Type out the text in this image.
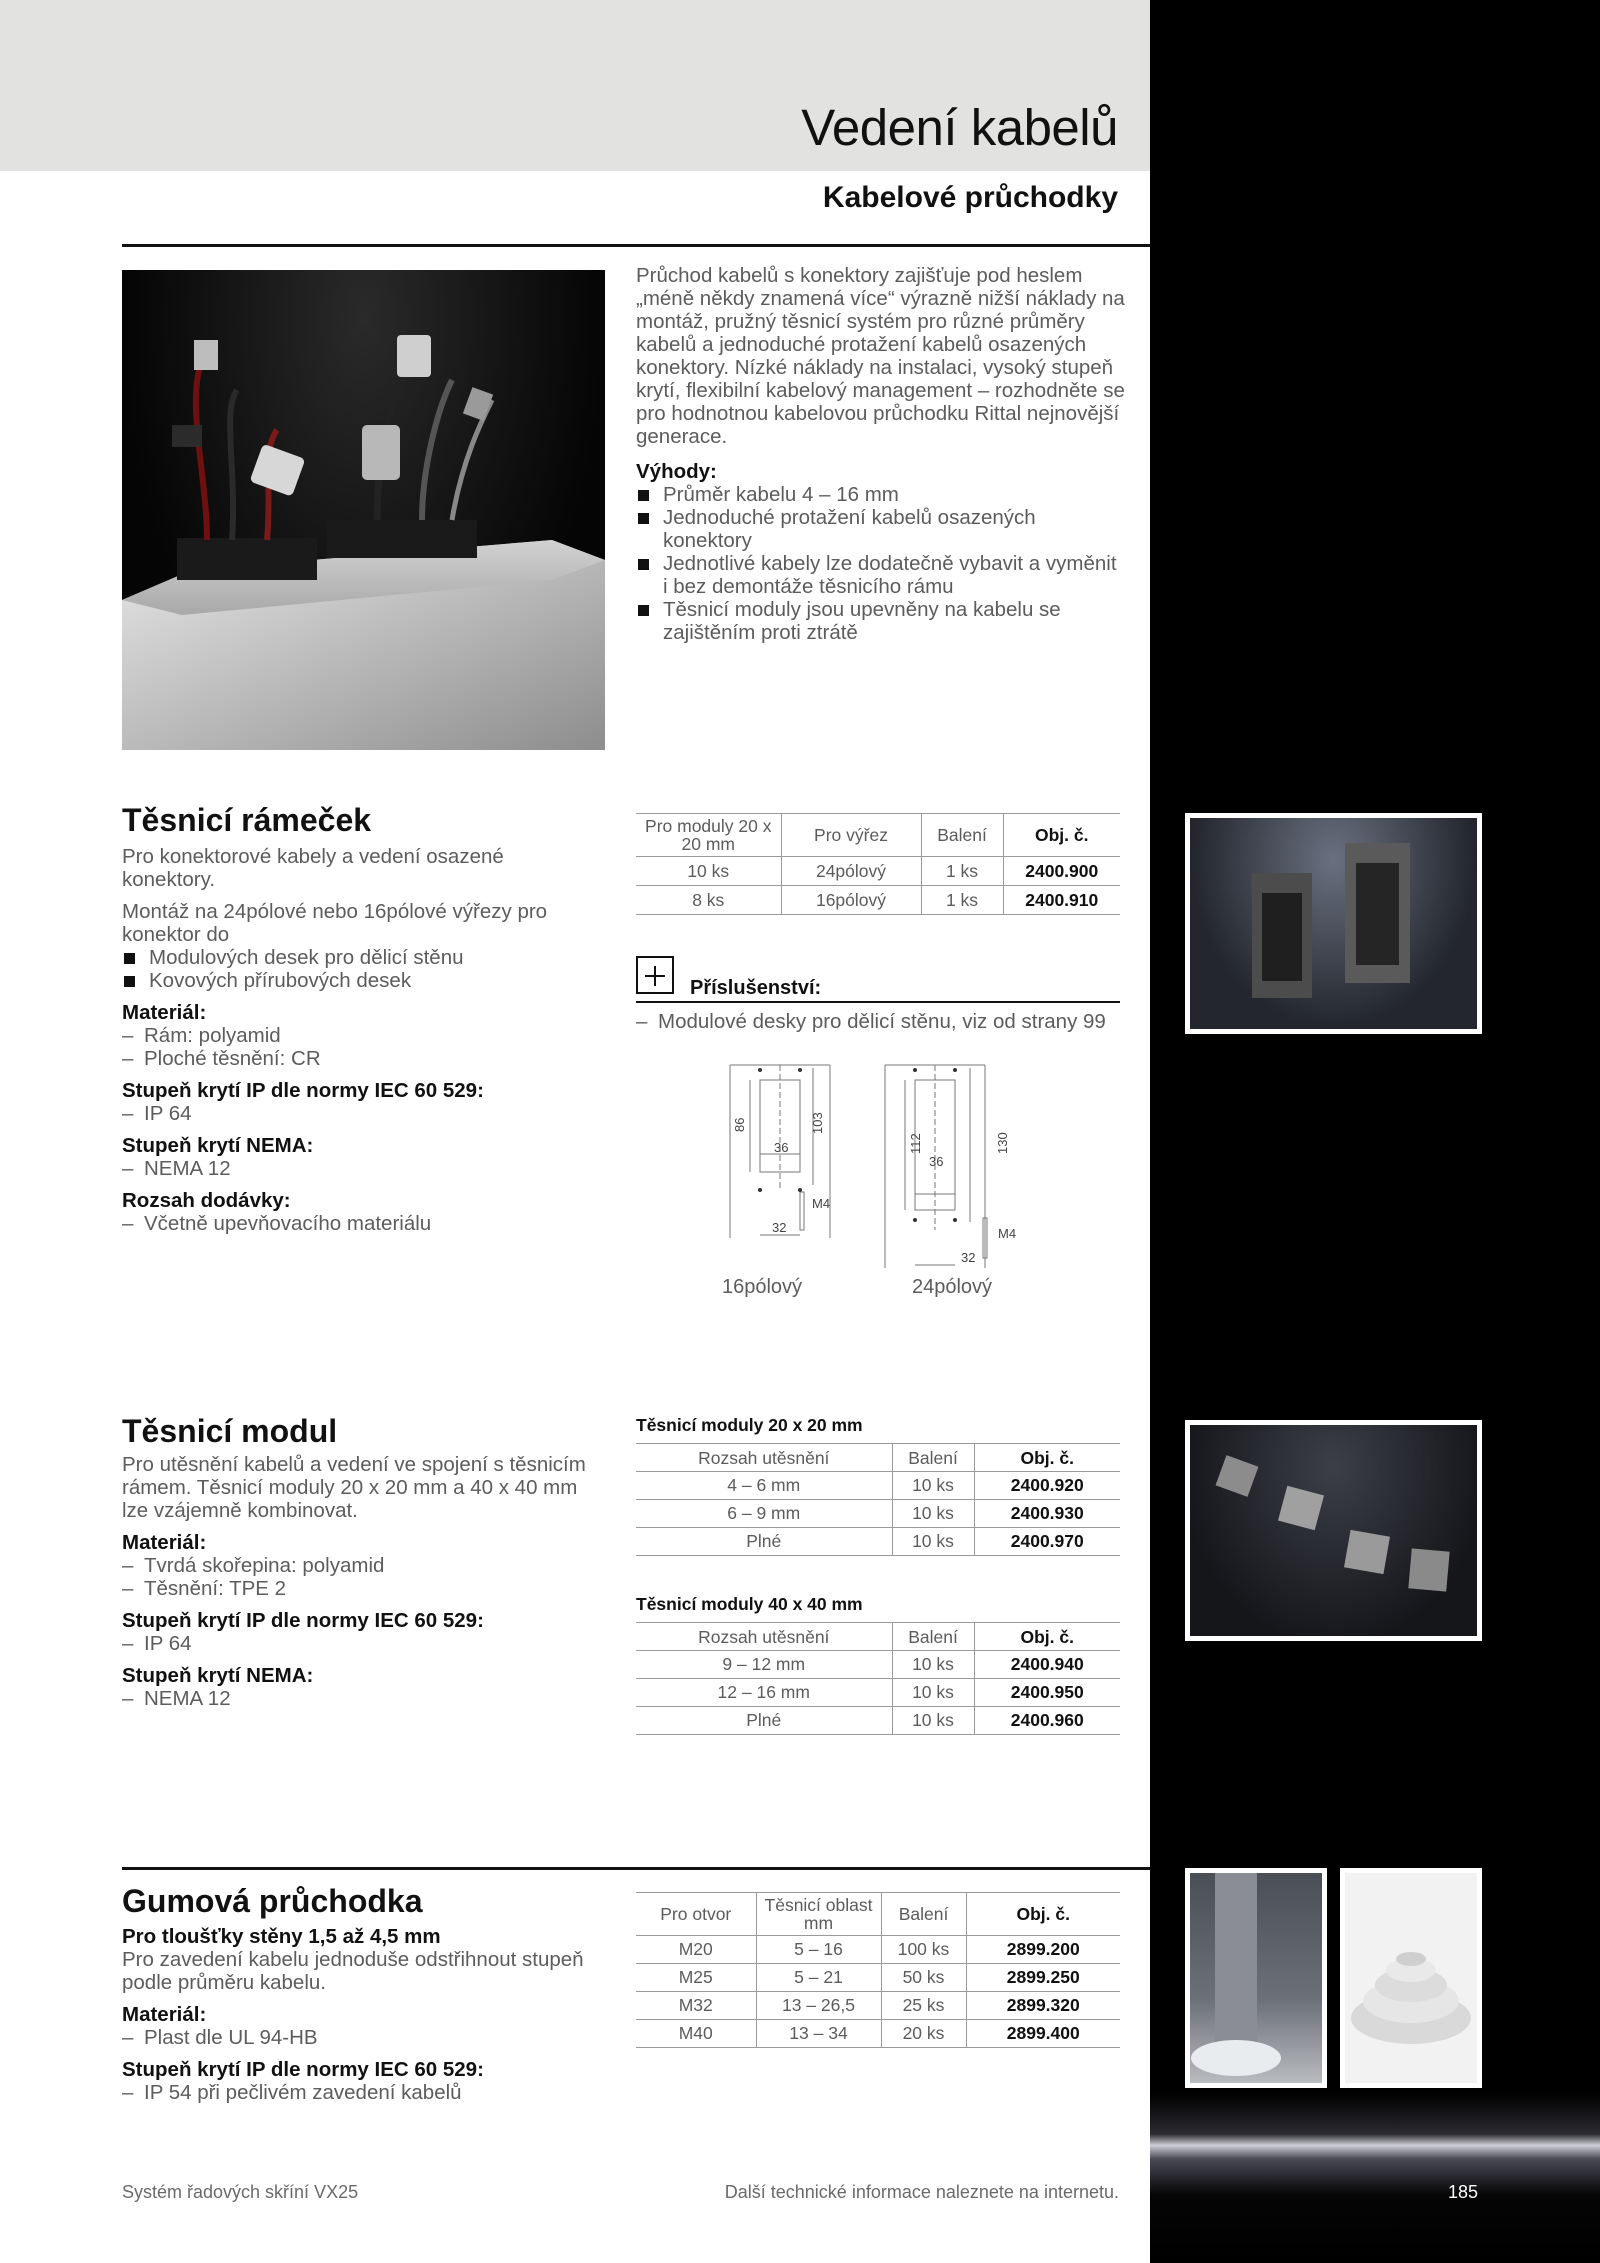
Vedení kabelů
Kabelové průchodky

Průchod kabelů s konektory zajišťuje pod heslem „méně někdy znamená více“ výrazně nižší náklady na montáž, pružný těsnicí systém pro různé průměry kabelů a jednoduché protažení kabelů osazených konektory. Nízké náklady na instalaci, vysoký stupeň krytí, flexibilní kabelový management – rozhodněte se pro hodnotnou kabelovou průchodku Rittal nejnovější generace.

Výhody:

Průměr kabelu 4 – 16 mm
Jednoduché protažení kabelů osazených konektory
Jednotlivé kabely lze dodatečně vybavit a vyměnit i bez demontáže těsnicího rámu
Těsnicí moduly jsou upevněny na kabelu se zajištěním proti ztrátě
Těsnicí rámeček

Pro konektorové kabely a vedení osazené konektory.

Montáž na 24pólové nebo 16pólové výřezy pro konektor do

Modulových desek pro dělicí stěnu
Kovových přírubových desek

Materiál:

– Rám: polyamid
– Ploché těsnění: CR

Stupeň krytí IP dle normy IEC 60 529:

– IP 64

Stupeň krytí NEMA:

– NEMA 12

Rozsah dodávky:

– Včetně upevňovacího materiálu
Pro moduly 20 x 20 mm	Pro výřez	Balení	Obj. č.
10 ks	24pólový	1 ks	2400.900
8 ks	16pólový	1 ks	2400.910
Příslušenství:
– Modulové desky pro dělicí stěnu, viz od strany 99
86	103
36
32
M4
112	130
36
32
M4
16pólový	24pólový
Těsnicí modul

Pro utěsnění kabelů a vedení ve spojení s těsnicím rámem. Těsnicí moduly 20 x 20 mm a 40 x 40 mm lze vzájemně kombinovat.

Materiál:

– Tvrdá skořepina: polyamid
– Těsnění: TPE 2

Stupeň krytí IP dle normy IEC 60 529:

– IP 64

Stupeň krytí NEMA:

– NEMA 12
Těsnicí moduly 20 x 20 mm
Rozsah utěsnění	Balení	Obj. č.
4 – 6 mm	10 ks	2400.920
6 – 9 mm	10 ks	2400.930
Plné	10 ks	2400.970
Těsnicí moduly 40 x 40 mm
Rozsah utěsnění	Balení	Obj. č.
9 – 12 mm	10 ks	2400.940
12 – 16 mm	10 ks	2400.950
Plné	10 ks	2400.960
Gumová průchodka

Pro tloušťky stěny 1,5 až 4,5 mm

Pro zavedení kabelu jednoduše odstřihnout stupeň podle průměru kabelu.

Materiál:

– Plast dle UL 94-HB

Stupeň krytí IP dle normy IEC 60 529:

– IP 54 při pečlivém zavedení kabelů
Pro otvor	Těsnicí oblast mm	Balení	Obj. č.
M20	5 – 16	100 ks	2899.200
M25	5 – 21	50 ks	2899.250
M32	13 – 26,5	25 ks	2899.320
M40	13 – 34	20 ks	2899.400
Systém řadových skříní VX25	Další technické informace naleznete na internetu.	185
